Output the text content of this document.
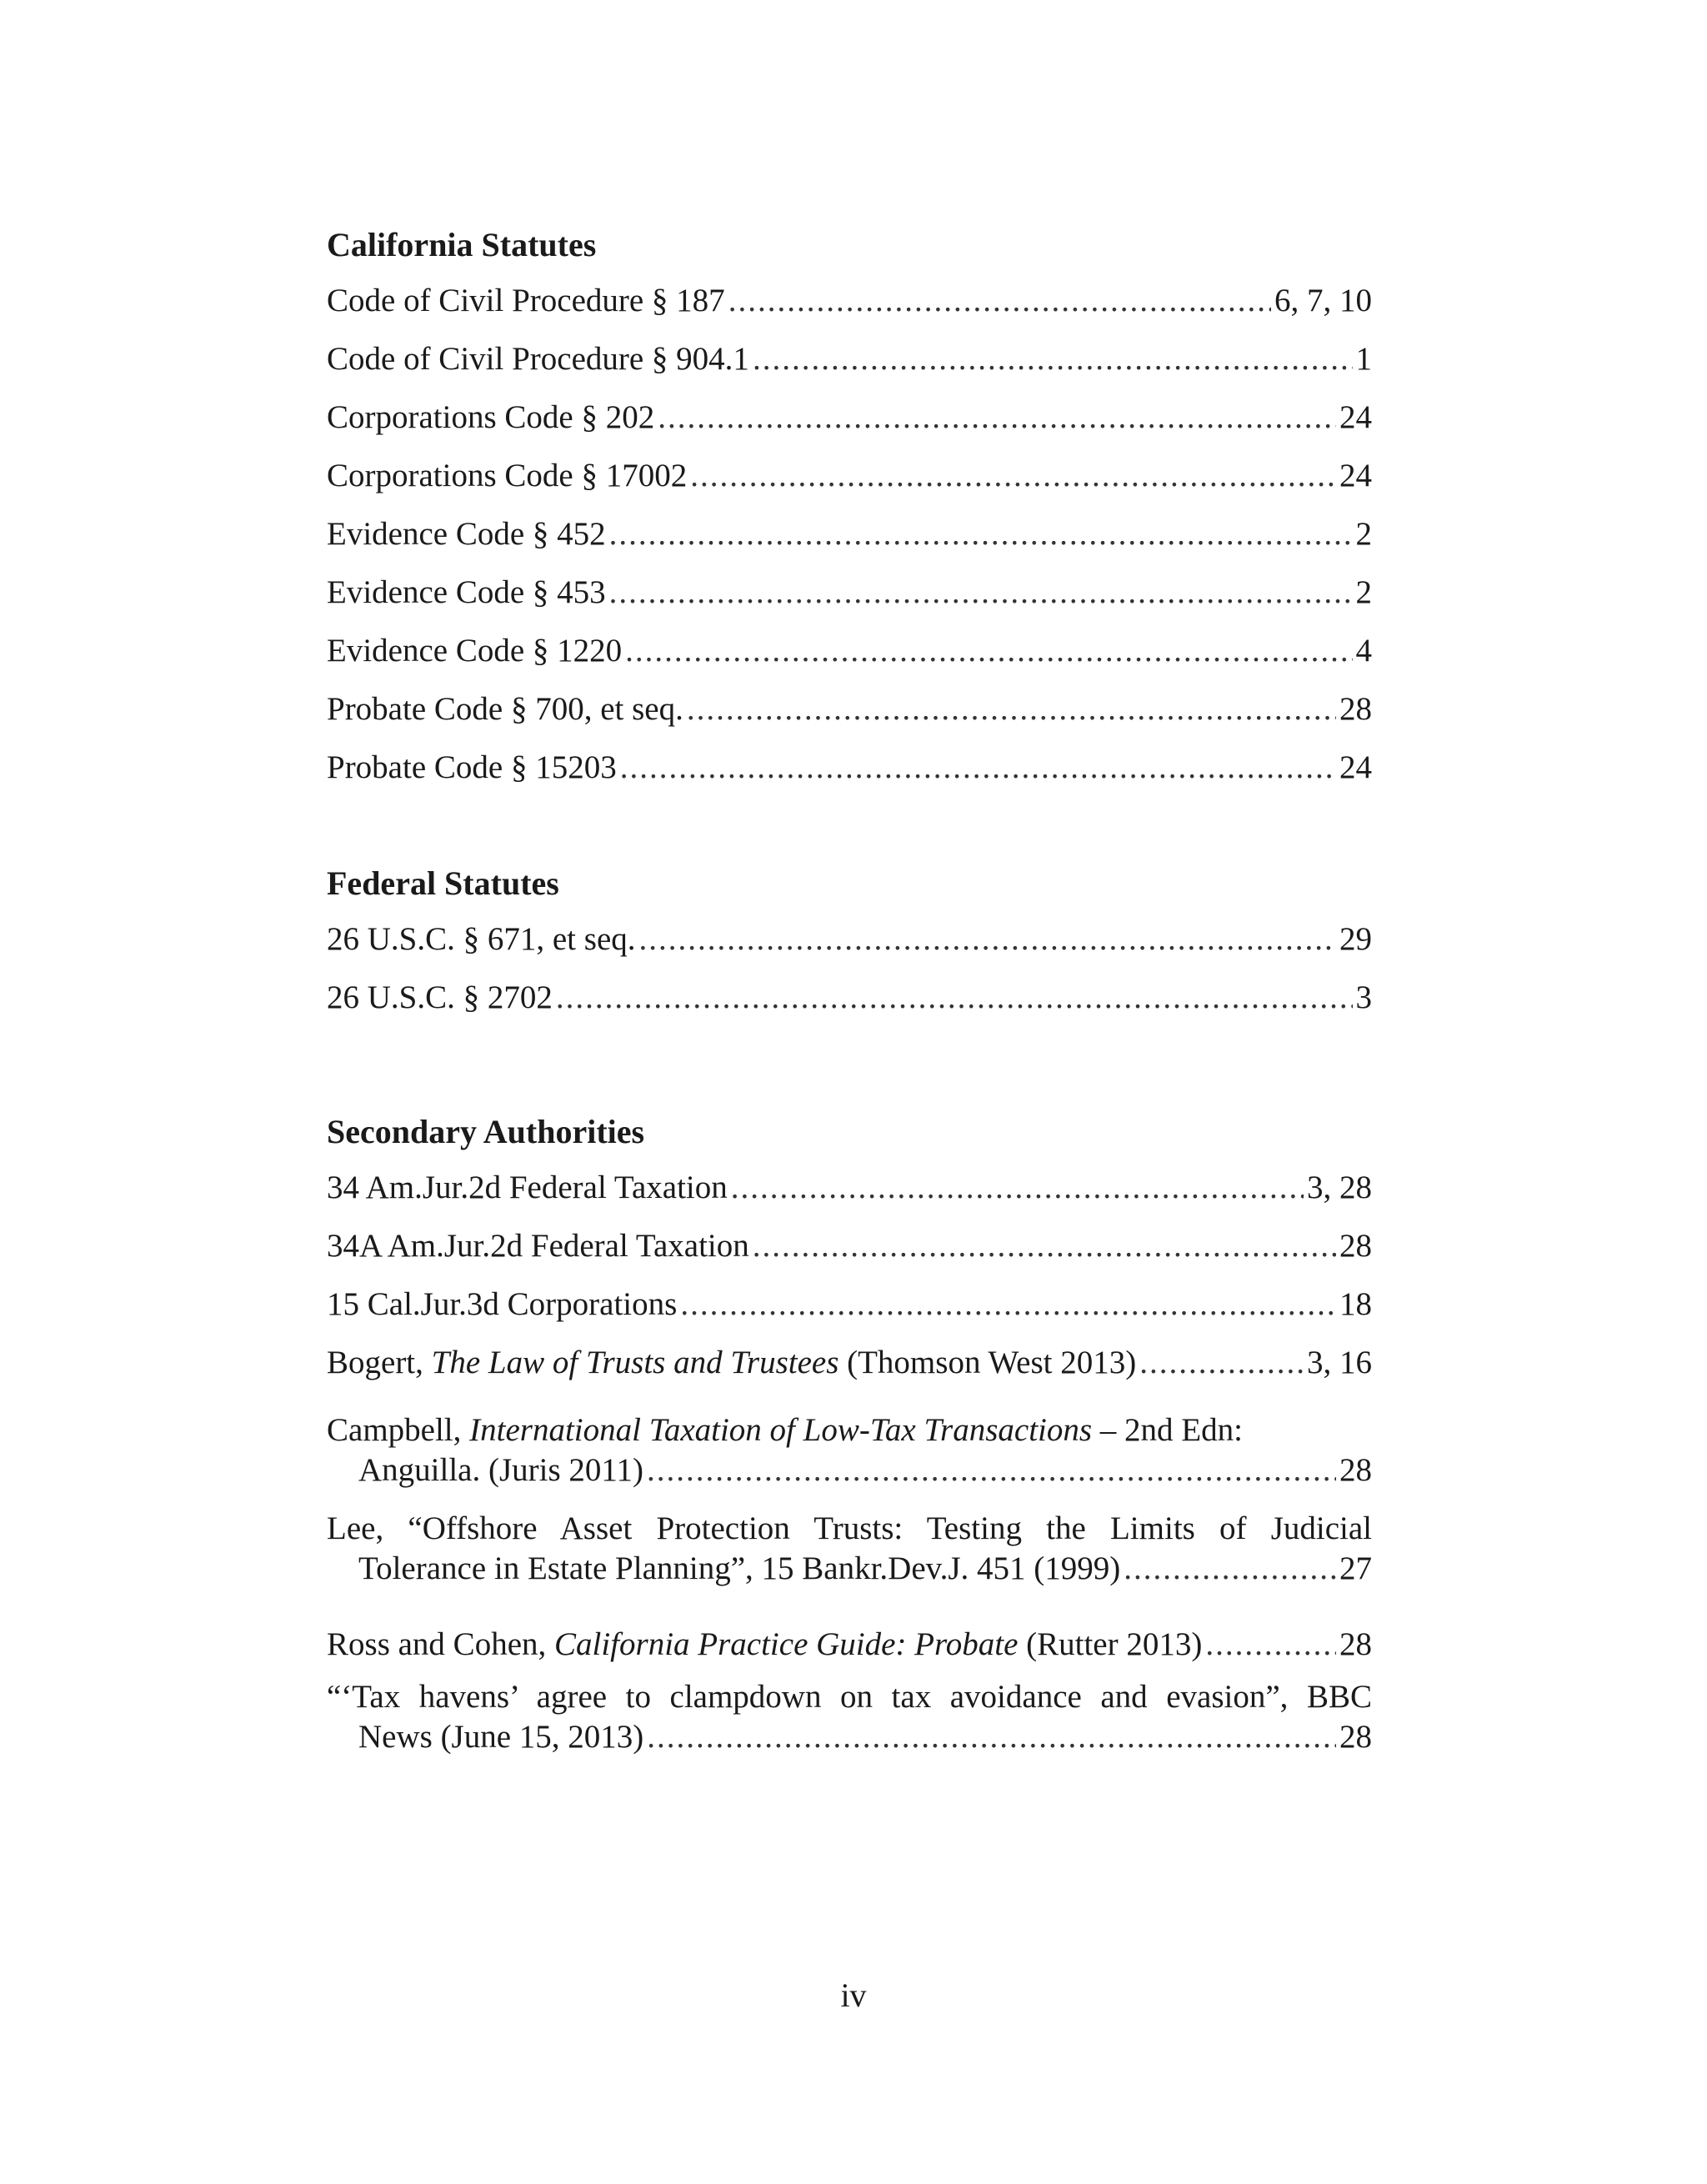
California Statutes
Code of Civil Procedure § 187 .....	6, 7, 10
Code of Civil Procedure § 904.1 .....	1
Corporations Code § 202 .....	24
Corporations Code § 17002 .....	24
Evidence Code § 452 .....	2
Evidence Code § 453 .....	2
Evidence Code § 1220 .....	4
Probate Code § 700, et seq. .....	28
Probate Code § 15203 .....	24
Federal Statutes
26 U.S.C. § 671, et seq. .....	29
26 U.S.C. § 2702 .....	3
Secondary Authorities
34 Am.Jur.2d Federal Taxation .....	3, 28
34A Am.Jur.2d Federal Taxation .....	28
15 Cal.Jur.3d Corporations .....	18
Bogert, The Law of Trusts and Trustees (Thomson West 2013) .....	3, 16
Campbell, International Taxation of Low-Tax Transactions – 2nd Edn:
Anguilla. (Juris 2011) .....	28
Lee, “Offshore Asset Protection Trusts: Testing the Limits of Judicial
Tolerance in Estate Planning”, 15 Bankr.Dev.J. 451 (1999) .....	27
Ross and Cohen, California Practice Guide: Probate (Rutter 2013) .....	28
“‘Tax havens’ agree to clampdown on tax avoidance and evasion”, BBC
News (June 15, 2013) .....	28
iv
